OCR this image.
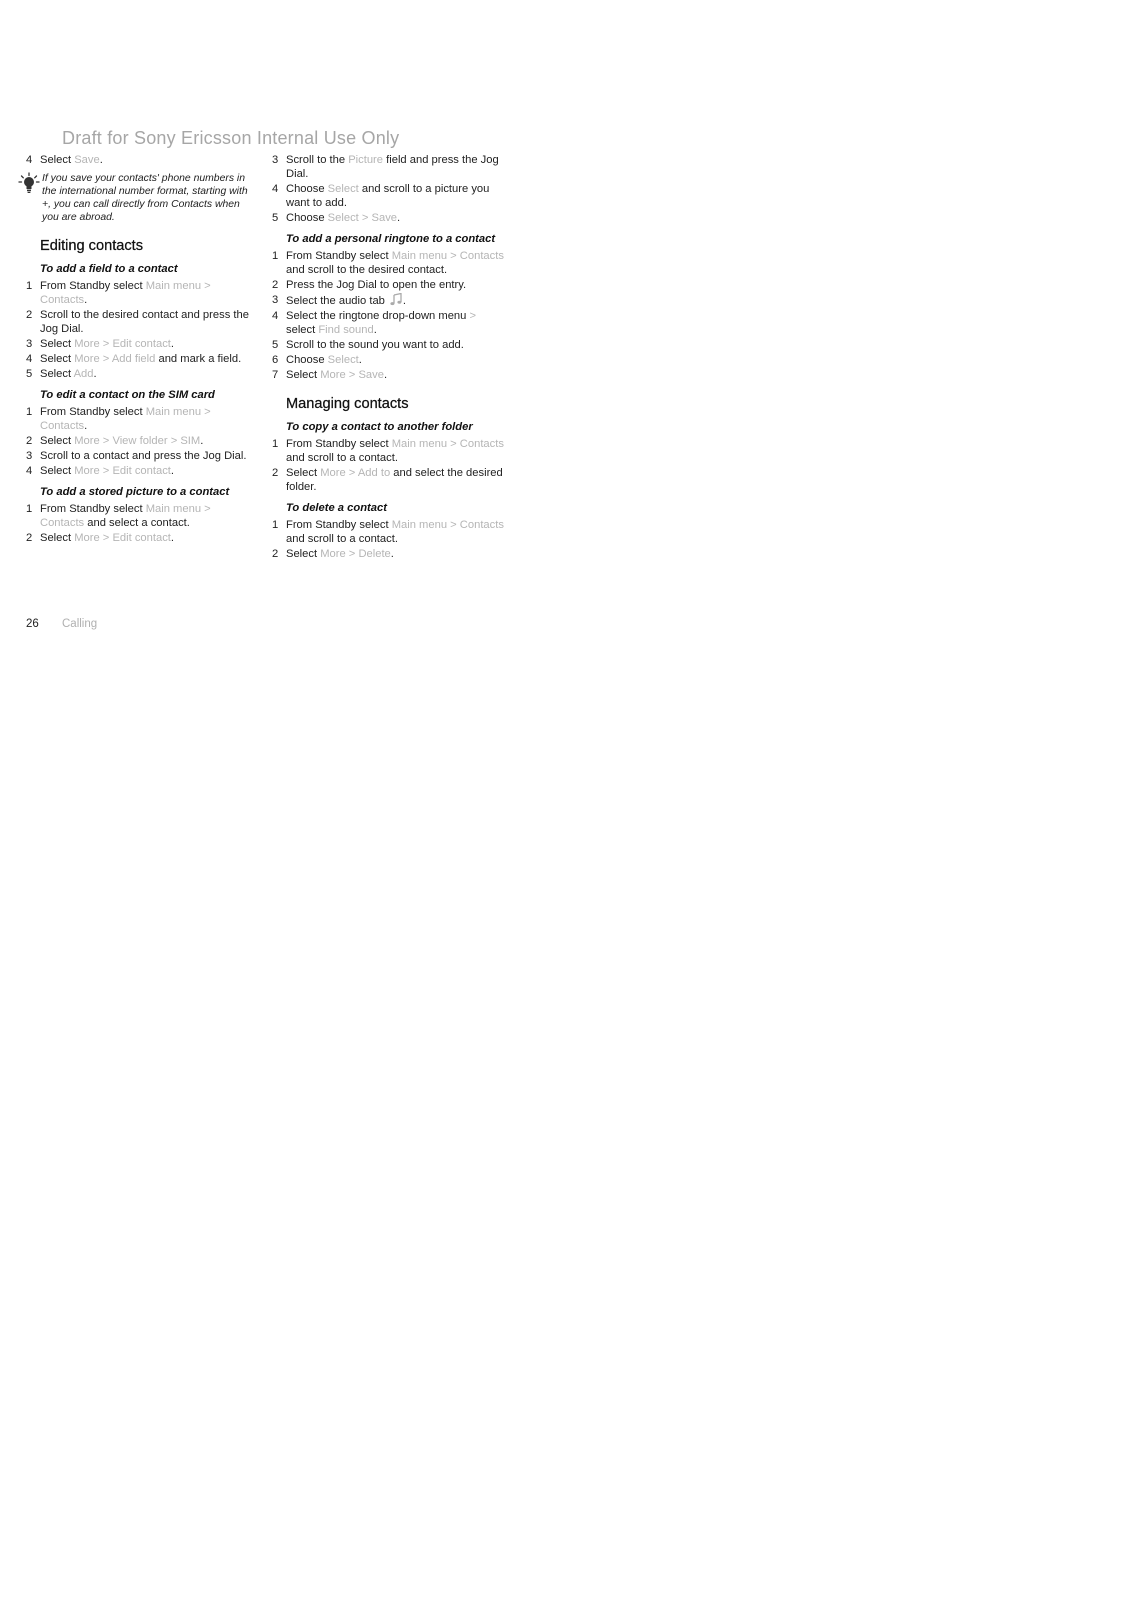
Draft for Sony Ericsson Internal Use Only
4 Select Save.
If you save your contacts' phone numbers in the international number format, starting with +, you can call directly from Contacts when you are abroad.
Editing contacts
To add a field to a contact
1 From Standby select Main menu > Contacts.
2 Scroll to the desired contact and press the Jog Dial.
3 Select More > Edit contact.
4 Select More > Add field and mark a field.
5 Select Add.
To edit a contact on the SIM card
1 From Standby select Main menu > Contacts.
2 Select More > View folder > SIM.
3 Scroll to a contact and press the Jog Dial.
4 Select More > Edit contact.
To add a stored picture to a contact
1 From Standby select Main menu > Contacts and select a contact.
2 Select More > Edit contact.
3 Scroll to the Picture field and press the Jog Dial.
4 Choose Select and scroll to a picture you want to add.
5 Choose Select > Save.
To add a personal ringtone to a contact
1 From Standby select Main menu > Contacts and scroll to the desired contact.
2 Press the Jog Dial to open the entry.
3 Select the audio tab .
4 Select the ringtone drop-down menu > select Find sound.
5 Scroll to the sound you want to add.
6 Choose Select.
7 Select More > Save.
Managing contacts
To copy a contact to another folder
1 From Standby select Main menu > Contacts and scroll to a contact.
2 Select More > Add to and select the desired folder.
To delete a contact
1 From Standby select Main menu > Contacts and scroll to a contact.
2 Select More > Delete.
26 Calling
